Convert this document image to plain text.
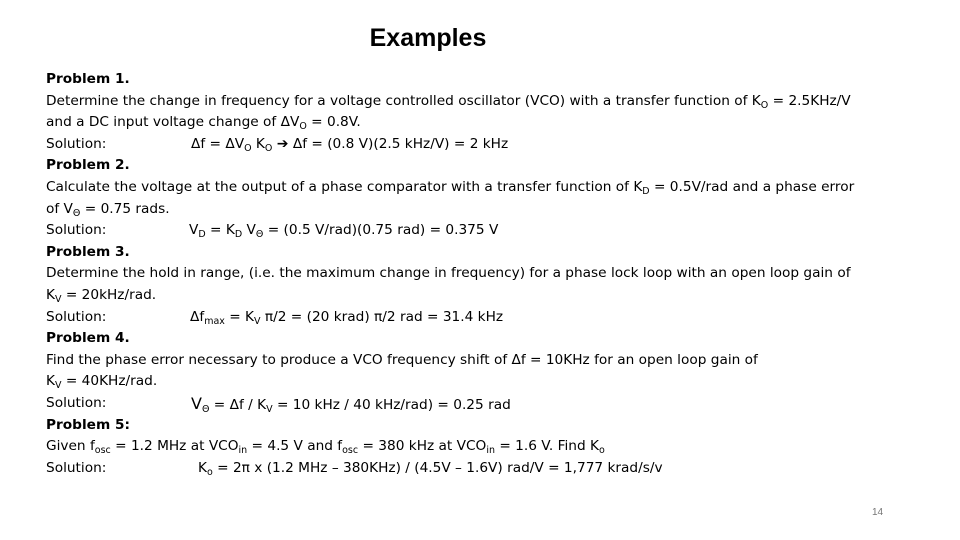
Examples
Problem 1.
Determine the change in frequency for a voltage controlled oscillator (VCO) with a transfer function of $K_O = 2.5KHz/V$
and a DC input voltage change of $\Delta V_O = 0.8V$.
Solution:	$\Delta f = \Delta V_O$ $K_O$ ➔ Δf = (0.8 V)(2.5 kHz/V) = 2 kHz
Problem 2.
Calculate the voltage at the output of a phase comparator with a transfer function of $K_D = 0.5V/rad$ and a phase error
of $V_\Theta = 0.75$ rads.
Solution:	$V_D = K_D$ $V_\Theta = (0.5$ V/rad)(0.75 rad) = 0.375 V
Problem 3.
Determine the hold in range, (i.e. the maximum change in frequency) for a phase lock loop with an open loop gain of
$K_V = 20kHz/rad$.
Solution:	$\Delta f_{max} = K_V$ π/2 = (20 krad) π/2 rad = 31.4 kHz
Problem 4.
Find the phase error necessary to produce a VCO frequency shift of Δf = 10KHz for an open loop gain of
$K_V = 40KHz/rad$.
Solution:	$V_\Theta = \Delta f / K_V = 10$ kHz / 40 kHz/rad) = 0.25 rad
Problem 5:
Given $f_{osc} = 1.2$ MHz at $VCO_{in} = 4.5$ V and $f_{osc} = 380$ kHz at $VCO_{in} = 1.6$ V. Find $K_o$
Solution:	$K_o = 2\pi$ x (1.2 MHz – 380KHz) / (4.5V – 1.6V) rad/V = 1,777 krad/s/v
14
